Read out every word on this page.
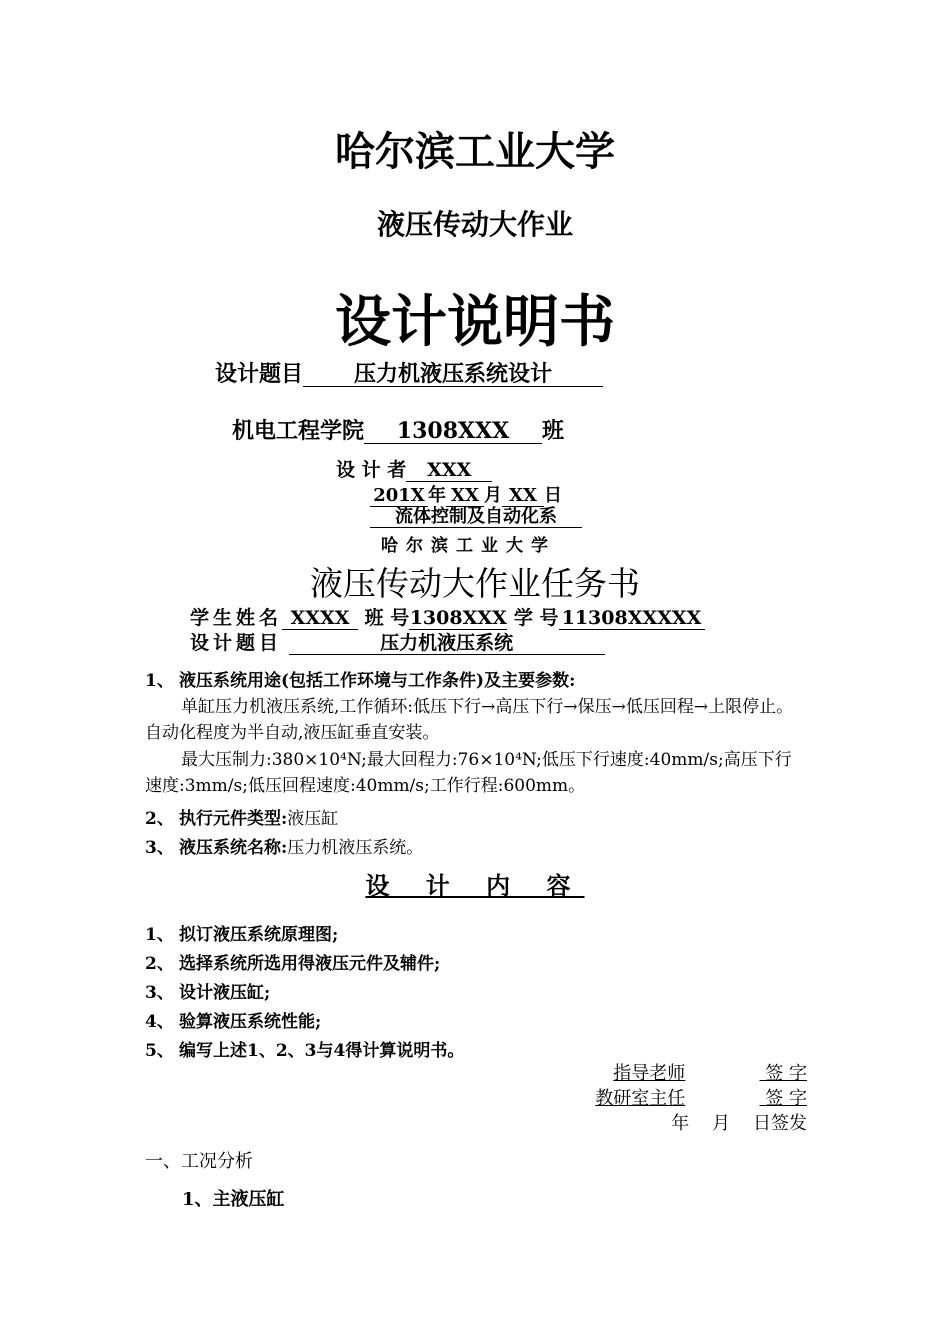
哈尔滨工业大学
液压传动大作业
设计说明书
设计题目 压力机液压系统设计
机电工程学院 1308XXX 班
设 计 者 XXX
201X 年 XX 月 XX 日
流体控制及自动化系
哈尔滨工业大学
液压传动大作业任务书
学生姓名 XXXX 班 号1308XXX 学 号 11308XXXXX
设计题目	压力机液压系统
1、 液压系统用途(包括工作环境与工作条件)及主要参数:
单缸压力机液压系统,工作循环:低压下行→高压下行→保压→低压回程→上限停止。自动化程度为半自动,液压缸垂直安装。
最大压制力:380×10⁴N;最大回程力:76×10⁴N;低压下行速度:40mm/s;高压下行速度:3mm/s;低压回程速度:40mm/s;工作行程:600mm。
2、 执行元件类型:液压缸
3、 液压系统名称:压力机液压系统。
设 计 内 容
1、 拟订液压系统原理图;
2、 选择系统所选用得液压元件及辅件;
3、 设计液压缸;
4、 验算液压系统性能;
5、 编写上述1、2、3与4得计算说明书。
指导老师	签 字
教研室主任	签 字
年    月    日签发
一、工况分析
1、主液压缸
